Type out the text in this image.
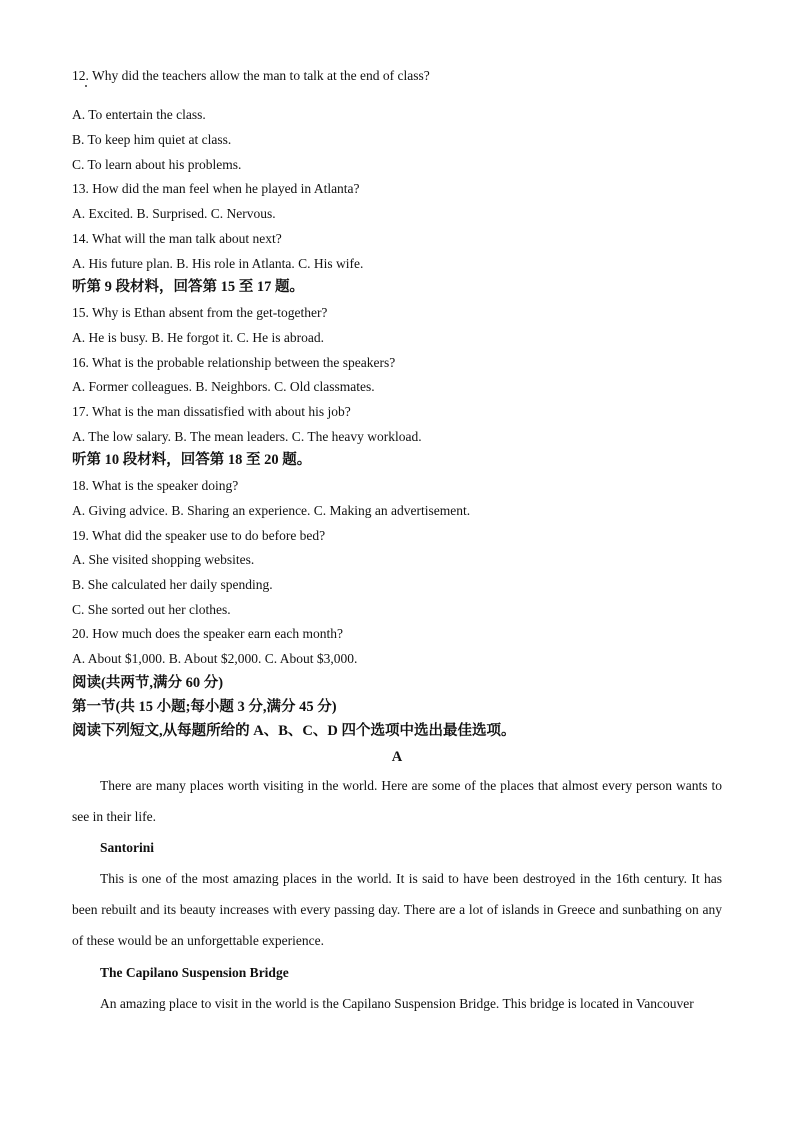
12. Why did the teachers allow the man to talk at the end of class?
A. To entertain the class.
B. To keep him quiet at class.
C. To learn about his problems.
13. How did the man feel when he played in Atlanta?
A. Excited. B. Surprised. C. Nervous.
14. What will the man talk about next?
A. His future plan. B. His role in Atlanta. C. His wife.
听第 9 段材料，回答第 15 至 17 题。
15. Why is Ethan absent from the get-together?
A. He is busy. B. He forgot it. C. He is abroad.
16. What is the probable relationship between the speakers?
A. Former colleagues. B. Neighbors. C. Old classmates.
17. What is the man dissatisfied with about his job?
A. The low salary. B. The mean leaders. C. The heavy workload.
听第 10 段材料，回答第 18 至 20 题。
18. What is the speaker doing?
A. Giving advice. B. Sharing an experience. C. Making an advertisement.
19. What did the speaker use to do before bed?
A. She visited shopping websites.
B. She calculated her daily spending.
C. She sorted out her clothes.
20. How much does the speaker earn each month?
A. About $1,000. B. About $2,000. C. About $3,000.
阅读(共两节,满分 60 分)
第一节(共 15 小题;每小题 3 分,满分 45 分)
阅读下列短文,从每题所给的 A、B、C、D 四个选项中选出最佳选项。
A
There are many places worth visiting in the world. Here are some of the places that almost every person wants to see in their life.
Santorini
This is one of the most amazing places in the world. It is said to have been destroyed in the 16th century. It has been rebuilt and its beauty increases with every passing day. There are a lot of islands in Greece and sunbathing on any of these would be an unforgettable experience.
The Capilano Suspension Bridge
An amazing place to visit in the world is the Capilano Suspension Bridge. This bridge is located in Vancouver
